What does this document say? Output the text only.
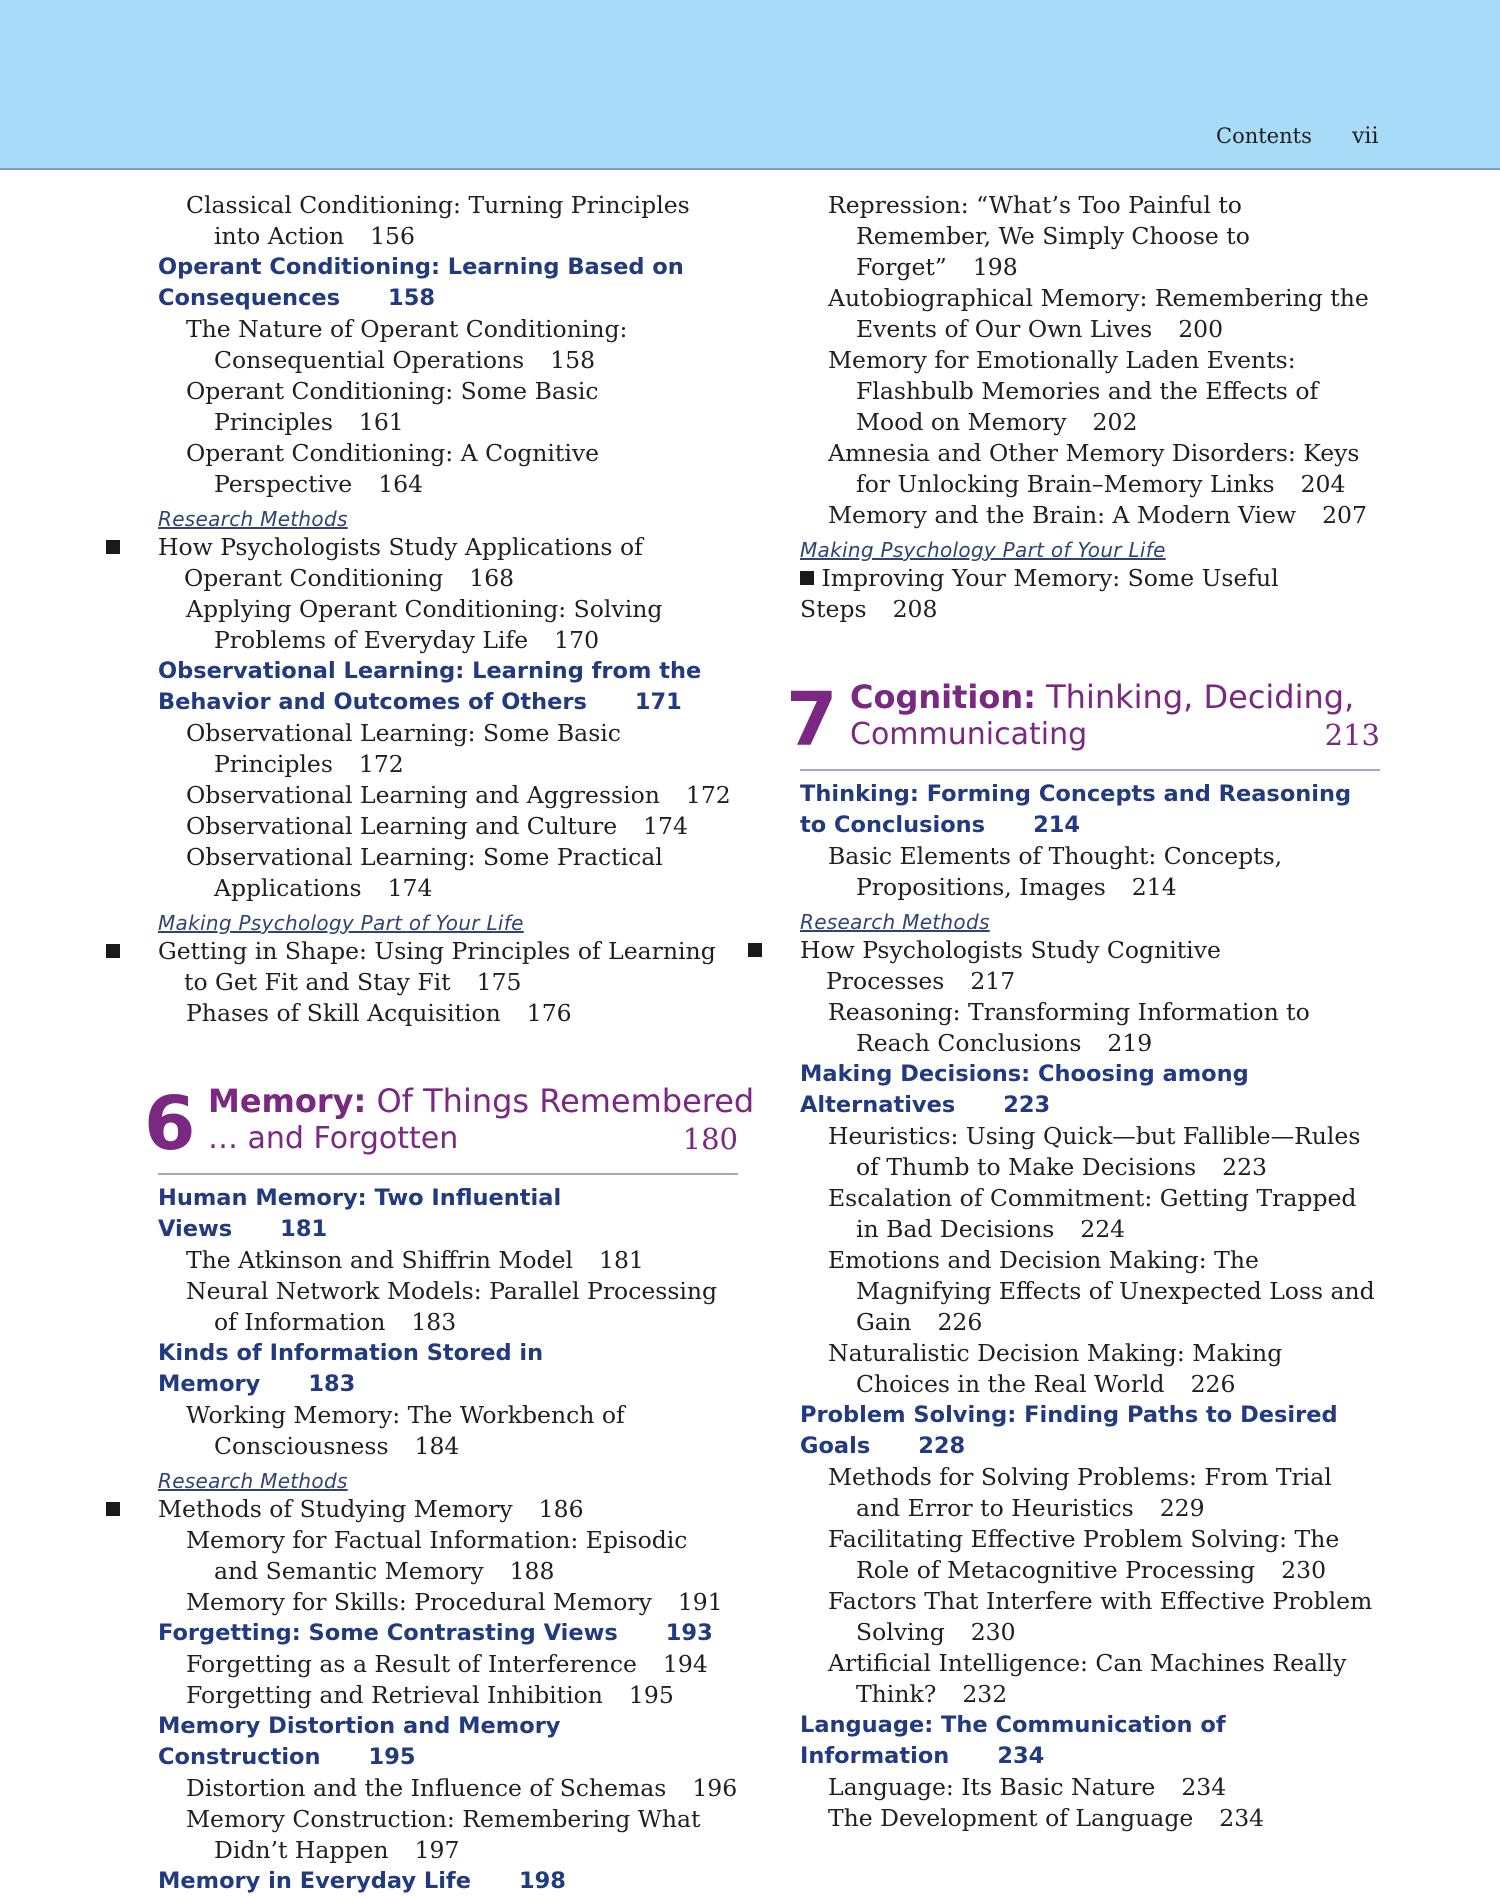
Contents vii
Classical Conditioning: Turning Principles into Action 156
Operant Conditioning: Learning Based on Consequences 158
The Nature of Operant Conditioning: Consequential Operations 158
Operant Conditioning: Some Basic Principles 161
Operant Conditioning: A Cognitive Perspective 164
Research Methods
How Psychologists Study Applications of Operant Conditioning 168
Applying Operant Conditioning: Solving Problems of Everyday Life 170
Observational Learning: Learning from the Behavior and Outcomes of Others 171
Observational Learning: Some Basic Principles 172
Observational Learning and Aggression 172
Observational Learning and Culture 174
Observational Learning: Some Practical Applications 174
Making Psychology Part of Your Life
Getting in Shape: Using Principles of Learning to Get Fit and Stay Fit 175
Phases of Skill Acquisition 176
6 Memory: Of Things Remembered
… and Forgotten	180
Human Memory: Two Influential Views 181
The Atkinson and Shiffrin Model 181
Neural Network Models: Parallel Processing of Information 183
Kinds of Information Stored in Memory 183
Working Memory: The Workbench of Consciousness 184
Research Methods
Methods of Studying Memory 186
Memory for Factual Information: Episodic and Semantic Memory 188
Memory for Skills: Procedural Memory 191
Forgetting: Some Contrasting Views 193
Forgetting as a Result of Interference 194
Forgetting and Retrieval Inhibition 195
Memory Distortion and Memory Construction 195
Distortion and the Influence of Schemas 196
Memory Construction: Remembering What Didn’t Happen 197
Memory in Everyday Life 198
Repression: “What’s Too Painful to Remember, We Simply Choose to Forget” 198
Autobiographical Memory: Remembering the Events of Our Own Lives 200
Memory for Emotionally Laden Events: Flashbulb Memories and the Effects of Mood on Memory 202
Amnesia and Other Memory Disorders: Keys for Unlocking Brain–Memory Links 204
Memory and the Brain: A Modern View 207
Making Psychology Part of Your Life
Improving Your Memory: Some Useful Steps 208
7 Cognition: Thinking, Deciding,
Communicating	213
Thinking: Forming Concepts and Reasoning to Conclusions 214
Basic Elements of Thought: Concepts, Propositions, Images 214
Research Methods
How Psychologists Study Cognitive Processes 217
Reasoning: Transforming Information to Reach Conclusions 219
Making Decisions: Choosing among Alternatives 223
Heuristics: Using Quick—but Fallible—Rules of Thumb to Make Decisions 223
Escalation of Commitment: Getting Trapped in Bad Decisions 224
Emotions and Decision Making: The Magnifying Effects of Unexpected Loss and Gain 226
Naturalistic Decision Making: Making Choices in the Real World 226
Problem Solving: Finding Paths to Desired Goals 228
Methods for Solving Problems: From Trial and Error to Heuristics 229
Facilitating Effective Problem Solving: The Role of Metacognitive Processing 230
Factors That Interfere with Effective Problem Solving 230
Artificial Intelligence: Can Machines Really Think? 232
Language: The Communication of Information 234
Language: Its Basic Nature 234
The Development of Language 234
